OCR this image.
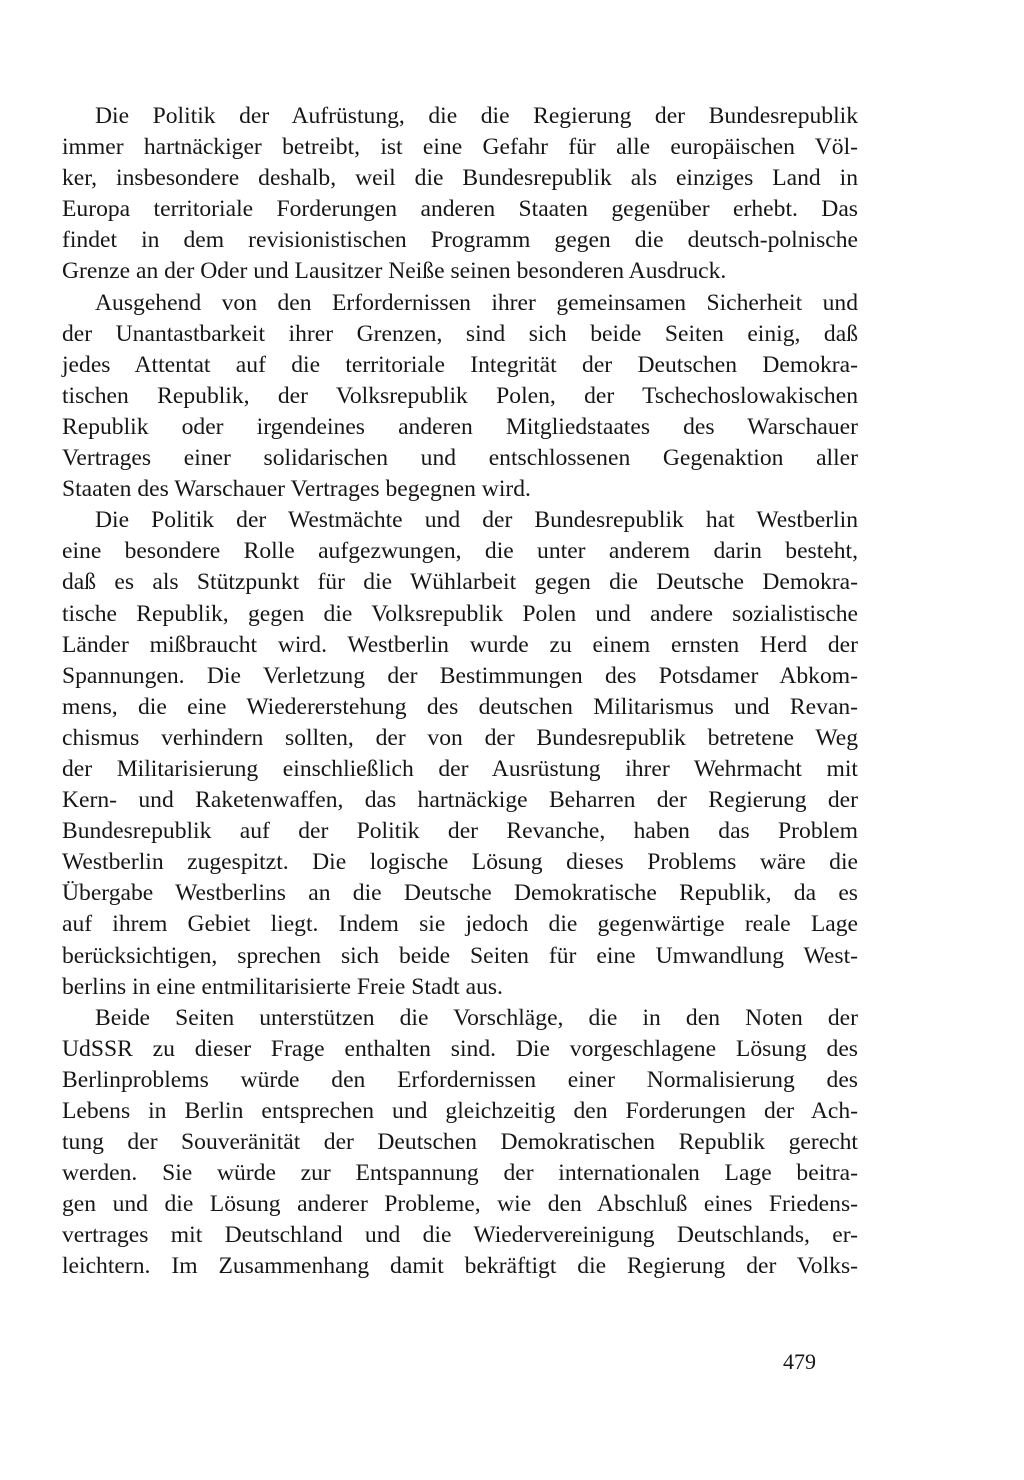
Die Politik der Aufrüstung, die die Regierung der Bundesrepublik
immer hartnäckiger betreibt, ist eine Gefahr für alle europäischen Völ-
ker, insbesondere deshalb, weil die Bundesrepublik als einziges Land in
Europa territoriale Forderungen anderen Staaten gegenüber erhebt. Das
findet in dem revisionistischen Programm gegen die deutsch-polnische
Grenze an der Oder und Lausitzer Neiße seinen besonderen Ausdruck.
Ausgehend von den Erfordernissen ihrer gemeinsamen Sicherheit und
der Unantastbarkeit ihrer Grenzen, sind sich beide Seiten einig, daß
jedes Attentat auf die territoriale Integrität der Deutschen Demokra-
tischen Republik, der Volksrepublik Polen, der Tschechoslowakischen
Republik oder irgendeines anderen Mitgliedstaates des Warschauer
Vertrages einer solidarischen und entschlossenen Gegenaktion aller
Staaten des Warschauer Vertrages begegnen wird.
Die Politik der Westmächte und der Bundesrepublik hat Westberlin
eine besondere Rolle aufgezwungen, die unter anderem darin besteht,
daß es als Stützpunkt für die Wühlarbeit gegen die Deutsche Demokra-
tische Republik, gegen die Volksrepublik Polen und andere sozialistische
Länder mißbraucht wird. Westberlin wurde zu einem ernsten Herd der
Spannungen. Die Verletzung der Bestimmungen des Potsdamer Abkom-
mens, die eine Wiedererstehung des deutschen Militarismus und Revan-
chismus verhindern sollten, der von der Bundesrepublik betretene Weg
der Militarisierung einschließlich der Ausrüstung ihrer Wehrmacht mit
Kern- und Raketenwaffen, das hartnäckige Beharren der Regierung der
Bundesrepublik auf der Politik der Revanche, haben das Problem
Westberlin zugespitzt. Die logische Lösung dieses Problems wäre die
Übergabe Westberlins an die Deutsche Demokratische Republik, da es
auf ihrem Gebiet liegt. Indem sie jedoch die gegenwärtige reale Lage
berücksichtigen, sprechen sich beide Seiten für eine Umwandlung West-
berlins in eine entmilitarisierte Freie Stadt aus.
Beide Seiten unterstützen die Vorschläge, die in den Noten der
UdSSR zu dieser Frage enthalten sind. Die vorgeschlagene Lösung des
Berlinproblems würde den Erfordernissen einer Normalisierung des
Lebens in Berlin entsprechen und gleichzeitig den Forderungen der Ach-
tung der Souveränität der Deutschen Demokratischen Republik gerecht
werden. Sie würde zur Entspannung der internationalen Lage beitra-
gen und die Lösung anderer Probleme, wie den Abschluß eines Friedens-
vertrages mit Deutschland und die Wiedervereinigung Deutschlands, er-
leichtern. Im Zusammenhang damit bekräftigt die Regierung der Volks-
479
